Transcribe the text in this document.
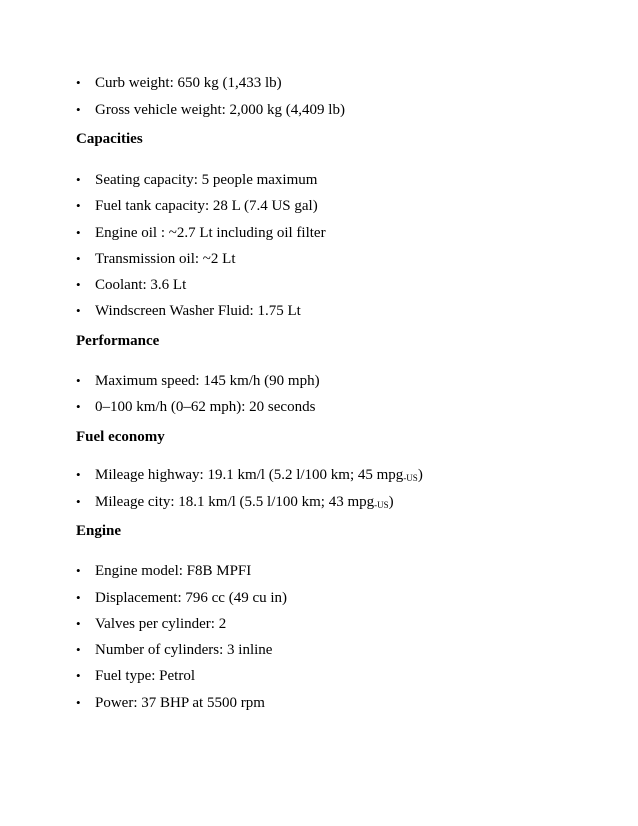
• Curb weight: 650 kg (1,433 lb)
• Gross vehicle weight: 2,000 kg (4,409 lb)
Capacities
• Seating capacity: 5 people maximum
• Fuel tank capacity: 28 L (7.4 US gal)
• Engine oil : ~2.7 Lt including oil filter
• Transmission oil: ~2 Lt
• Coolant: 3.6 Lt
• Windscreen Washer Fluid: 1.75 Lt
Performance
• Maximum speed: 145 km/h (90 mph)
• 0–100 km/h (0–62 mph): 20 seconds
Fuel economy
• Mileage highway: 19.1 km/l (5.2 l/100 km; 45 mpg$_{-US}$)
• Mileage city: 18.1 km/l (5.5 l/100 km; 43 mpg$_{-US}$)
Engine
• Engine model: F8B MPFI
• Displacement: 796 cc (49 cu in)
• Valves per cylinder: 2
• Number of cylinders: 3 inline
• Fuel type: Petrol
• Power: 37 BHP at 5500 rpm
